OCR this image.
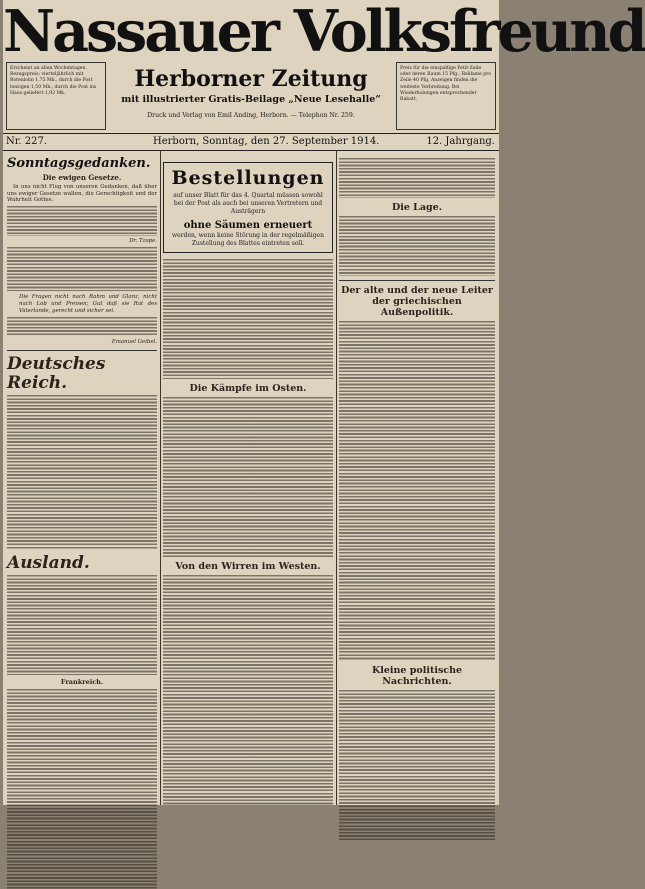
Nassauer Volksfreund
Erscheint an allen Wochentagen. Bezugspreis: vierteljährlich mit Botenlohn 1,75 Mk., durch die Post bezogen 1,50 Mk., durch die Post ins Haus geliefert 1,92 Mk.
Preis für die einspaltige Petit-Zeile oder deren Raum 15 Pfg., Reklame pro Zeile 40 Pfg. Anzeigen finden die weiteste Verbreitung. Bei Wiederholungen entsprechender Rabatt.
Herborner Zeitung
mit illustrierter Gratis-Beilage „Neue Lesehalle“
Druck und Verlag von Emil Anding, Herborn. — Telephon Nr. 259.
Nr. 227.	Herborn, Sonntag, den 27. September 1914.	12. Jahrgang.
Sonntagsgedanken.
Die ewigen Gesetze.
In uns nicht Flug von unseren Gedanken, daß über uns ewiger Gesetze walten, die Gerechtigkeit und der Wahrheit Gottes.
Dr. Tzope.
Die Fragen nicht nach Rahm und Glanz, nicht nach Lob und Preisen; Gut daß sie Rat des Vaterlande, gerecht und sicher sei.
Emanuel Geibel.
Deutsches Reich.
Ausland.
Frankreich.
Bestellungen
auf unser Blatt für das 4. Quartal müssen sowohl bei der Post als auch bei unseren Vertretern und Austrägern
ohne Säumen erneuert
werden, wenn keine Störung in der regelmäßigen Zustellung des Blattes eintreten soll.
Die Kämpfe im Osten.
Von den Wirren im Westen.
Die Lage.
Der alte und der neue Leiter der griechischen Außenpolitik.
Kleine politische Nachrichten.
